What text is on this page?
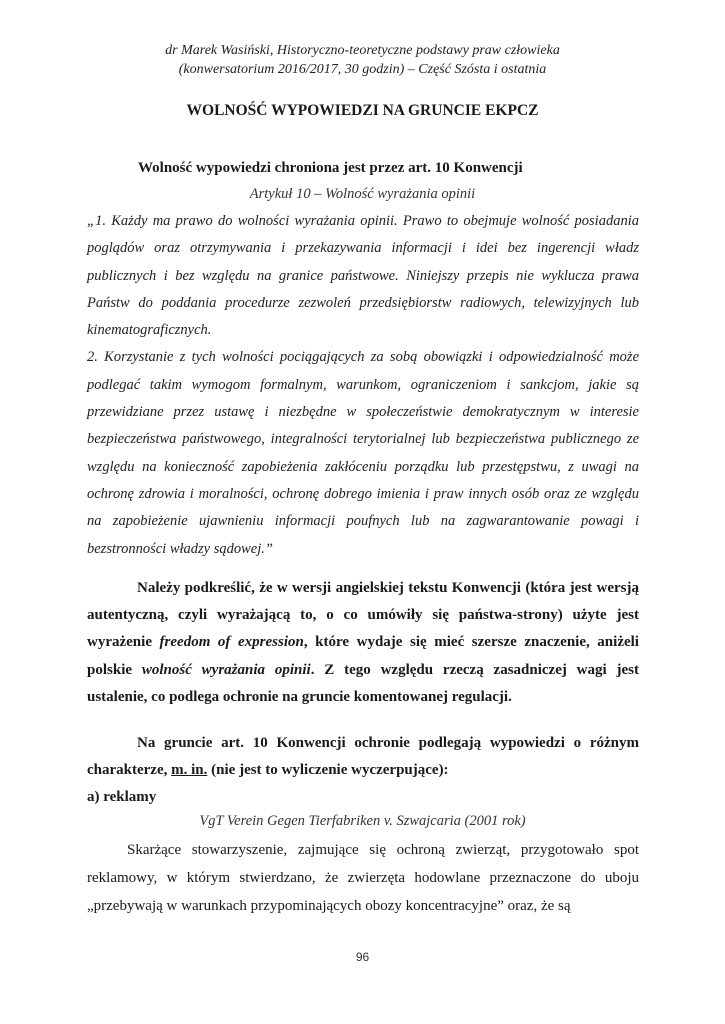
dr Marek Wasiński, Historyczno-teoretyczne podstawy praw człowieka
(konwersatorium 2016/2017, 30 godzin) – Część Szósta i ostatnia
WOLNOŚĆ WYPOWIEDZI NA GRUNCIE EKPCZ
Wolność wypowiedzi chroniona jest przez art. 10 Konwencji
Artykuł 10 – Wolność wyrażania opinii

„1. Każdy ma prawo do wolności wyrażania opinii. Prawo to obejmuje wolność posiadania poglądów oraz otrzymywania i przekazywania informacji i idei bez ingerencji władz publicznych i bez względu na granice państwowe. Niniejszy przepis nie wyklucza prawa Państw do poddania procedurze zezwoleń przedsiębiorstw radiowych, telewizyjnych lub kinematograficznych.

2. Korzystanie z tych wolności pociągających za sobą obowiązki i odpowiedzialność może podlegać takim wymogom formalnym, warunkom, ograniczeniom i sankcjom, jakie są przewidziane przez ustawę i niezbędne w społeczeństwie demokratycznym w interesie bezpieczeństwa państwowego, integralności terytorialnej lub bezpieczeństwa publicznego ze względu na konieczność zapobieżenia zakłóceniu porządku lub przestępstwu, z uwagi na ochronę zdrowia i moralności, ochronę dobrego imienia i praw innych osób oraz ze względu na zapobieżenie ujawnieniu informacji poufnych lub na zagwarantowanie powagi i bezstronności władzy sądowej.”

Należy podkreślić, że w wersji angielskiej tekstu Konwencji (która jest wersją autentyczną, czyli wyrażającą to, o co umówiły się państwa-strony) użyte jest wyrażenie freedom of expression, które wydaje się mieć szersze znaczenie, aniżeli polskie wolność wyrażania opinii. Z tego względu rzeczą zasadniczej wagi jest ustalenie, co podlega ochronie na gruncie komentowanej regulacji.

Na gruncie art. 10 Konwencji ochronie podlegają wypowiedzi o różnym charakterze, m. in. (nie jest to wyliczenie wyczerpujące):

a) reklamy

VgT Verein Gegen Tierfabriken v. Szwajcaria (2001 rok)
Skarżące stowarzyszenie, zajmujące się ochroną zwierząt, przygotowało spot reklamowy, w którym stwierdzano, że zwierzęta hodowlane przeznaczone do uboju „przebywają w warunkach przypominających obozy koncentracyjne” oraz, że są
96
